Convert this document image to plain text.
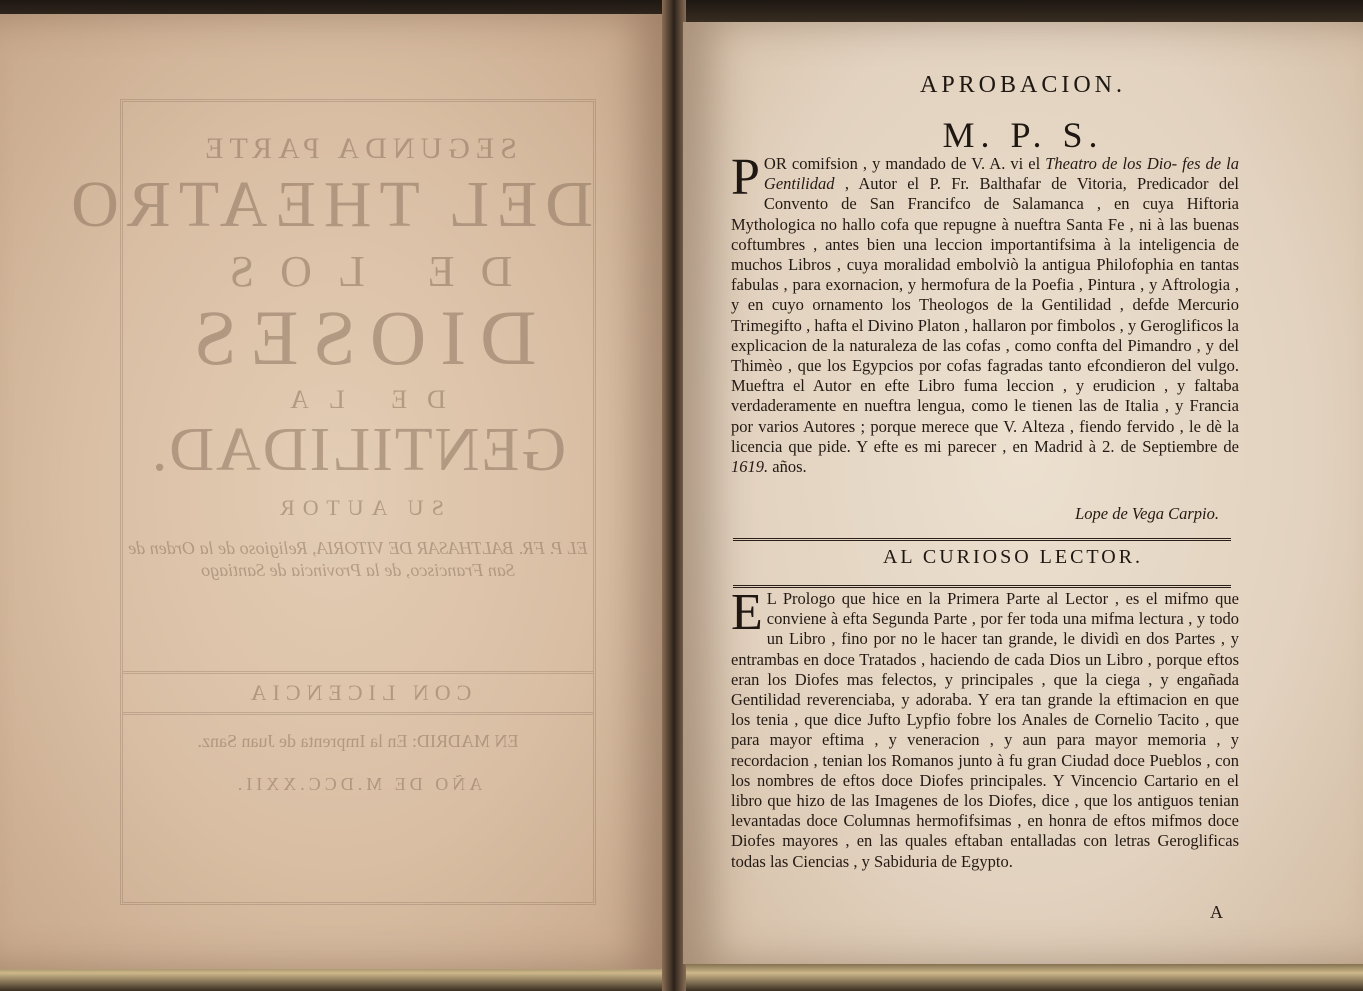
SEGUNDA PARTE
DEL THEATRO
DE LOS
DIOSES
DE LA
GENTILIDAD.
SU AUTOR
EL P. FR. BALTHASAR DE VITORIA, Religioso de la Orden de San Francisco, de la Provincia de Santiago
CON LICENCIA
EN MADRID: En la Imprenta de Juan Sanz.
AÑO DE M.DCC.XXII.
APROBACION.
M. P. S.
POR comifsion , y mandado de V. A. vi el Theatro de los Dio- fes de la Gentilidad , Autor el P. Fr. Balthafar de Vitoria, Predicador del Convento de San Francifco de Salamanca , en cuya Hiftoria Mythologica no hallo cofa que repugne à nueftra Santa Fe , ni à las buenas coftumbres , antes bien una leccion importantifsima à la inteligencia de muchos Libros , cuya moralidad embolviò la antigua Philofophia en tantas fabulas , para exornacion, y hermofura de la Poefia , Pintura , y Aftrologia , y en cuyo ornamento los Theologos de la Gentilidad , defde Mercurio Trimegifto , hafta el Divino Platon , hallaron por fimbolos , y Geroglificos la explicacion de la naturaleza de las cofas , como confta del Pimandro , y del Thimèo , que los Egypcios por cofas fagradas tanto efcondieron del vulgo. Mueftra el Autor en efte Libro fuma leccion , y erudicion , y faltaba verdaderamente en nueftra lengua, como le tienen las de Italia , y Francia por varios Autores ; porque merece que V. Alteza , fiendo fervido , le dè la licencia que pide. Y efte es mi parecer , en Madrid à 2. de Septiembre de 1619. años.
Lope de Vega Carpio.
AL CURIOSO LECTOR.
E L Prologo que hice en la Primera Parte al Lector , es el mifmo que conviene à efta Segunda Parte , por fer toda una mifma lectura , y todo un Libro , fino por no le hacer tan grande, le dividì en dos Partes , y entrambas en doce Tratados , haciendo de cada Dios un Libro , porque eftos eran los Diofes mas felectos, y principales , que la ciega , y engañada Gentilidad reverenciaba, y adoraba. Y era tan grande la eftimacion en que los tenia , que dice Jufto Lypfio fobre los Anales de Cornelio Tacito , que para mayor eftima , y veneracion , y aun para mayor memoria , y recordacion , tenian los Romanos junto à fu gran Ciudad doce Pueblos , con los nombres de eftos doce Diofes principales. Y Vincencio Cartario en el libro que hizo de las Imagenes de los Diofes, dice , que los antiguos tenian levantadas doce Columnas hermofifsimas , en honra de eftos mifmos doce Diofes mayores , en las quales eftaban entalladas con letras Geroglificas todas las Ciencias , y Sabiduria de Egypto.
A
